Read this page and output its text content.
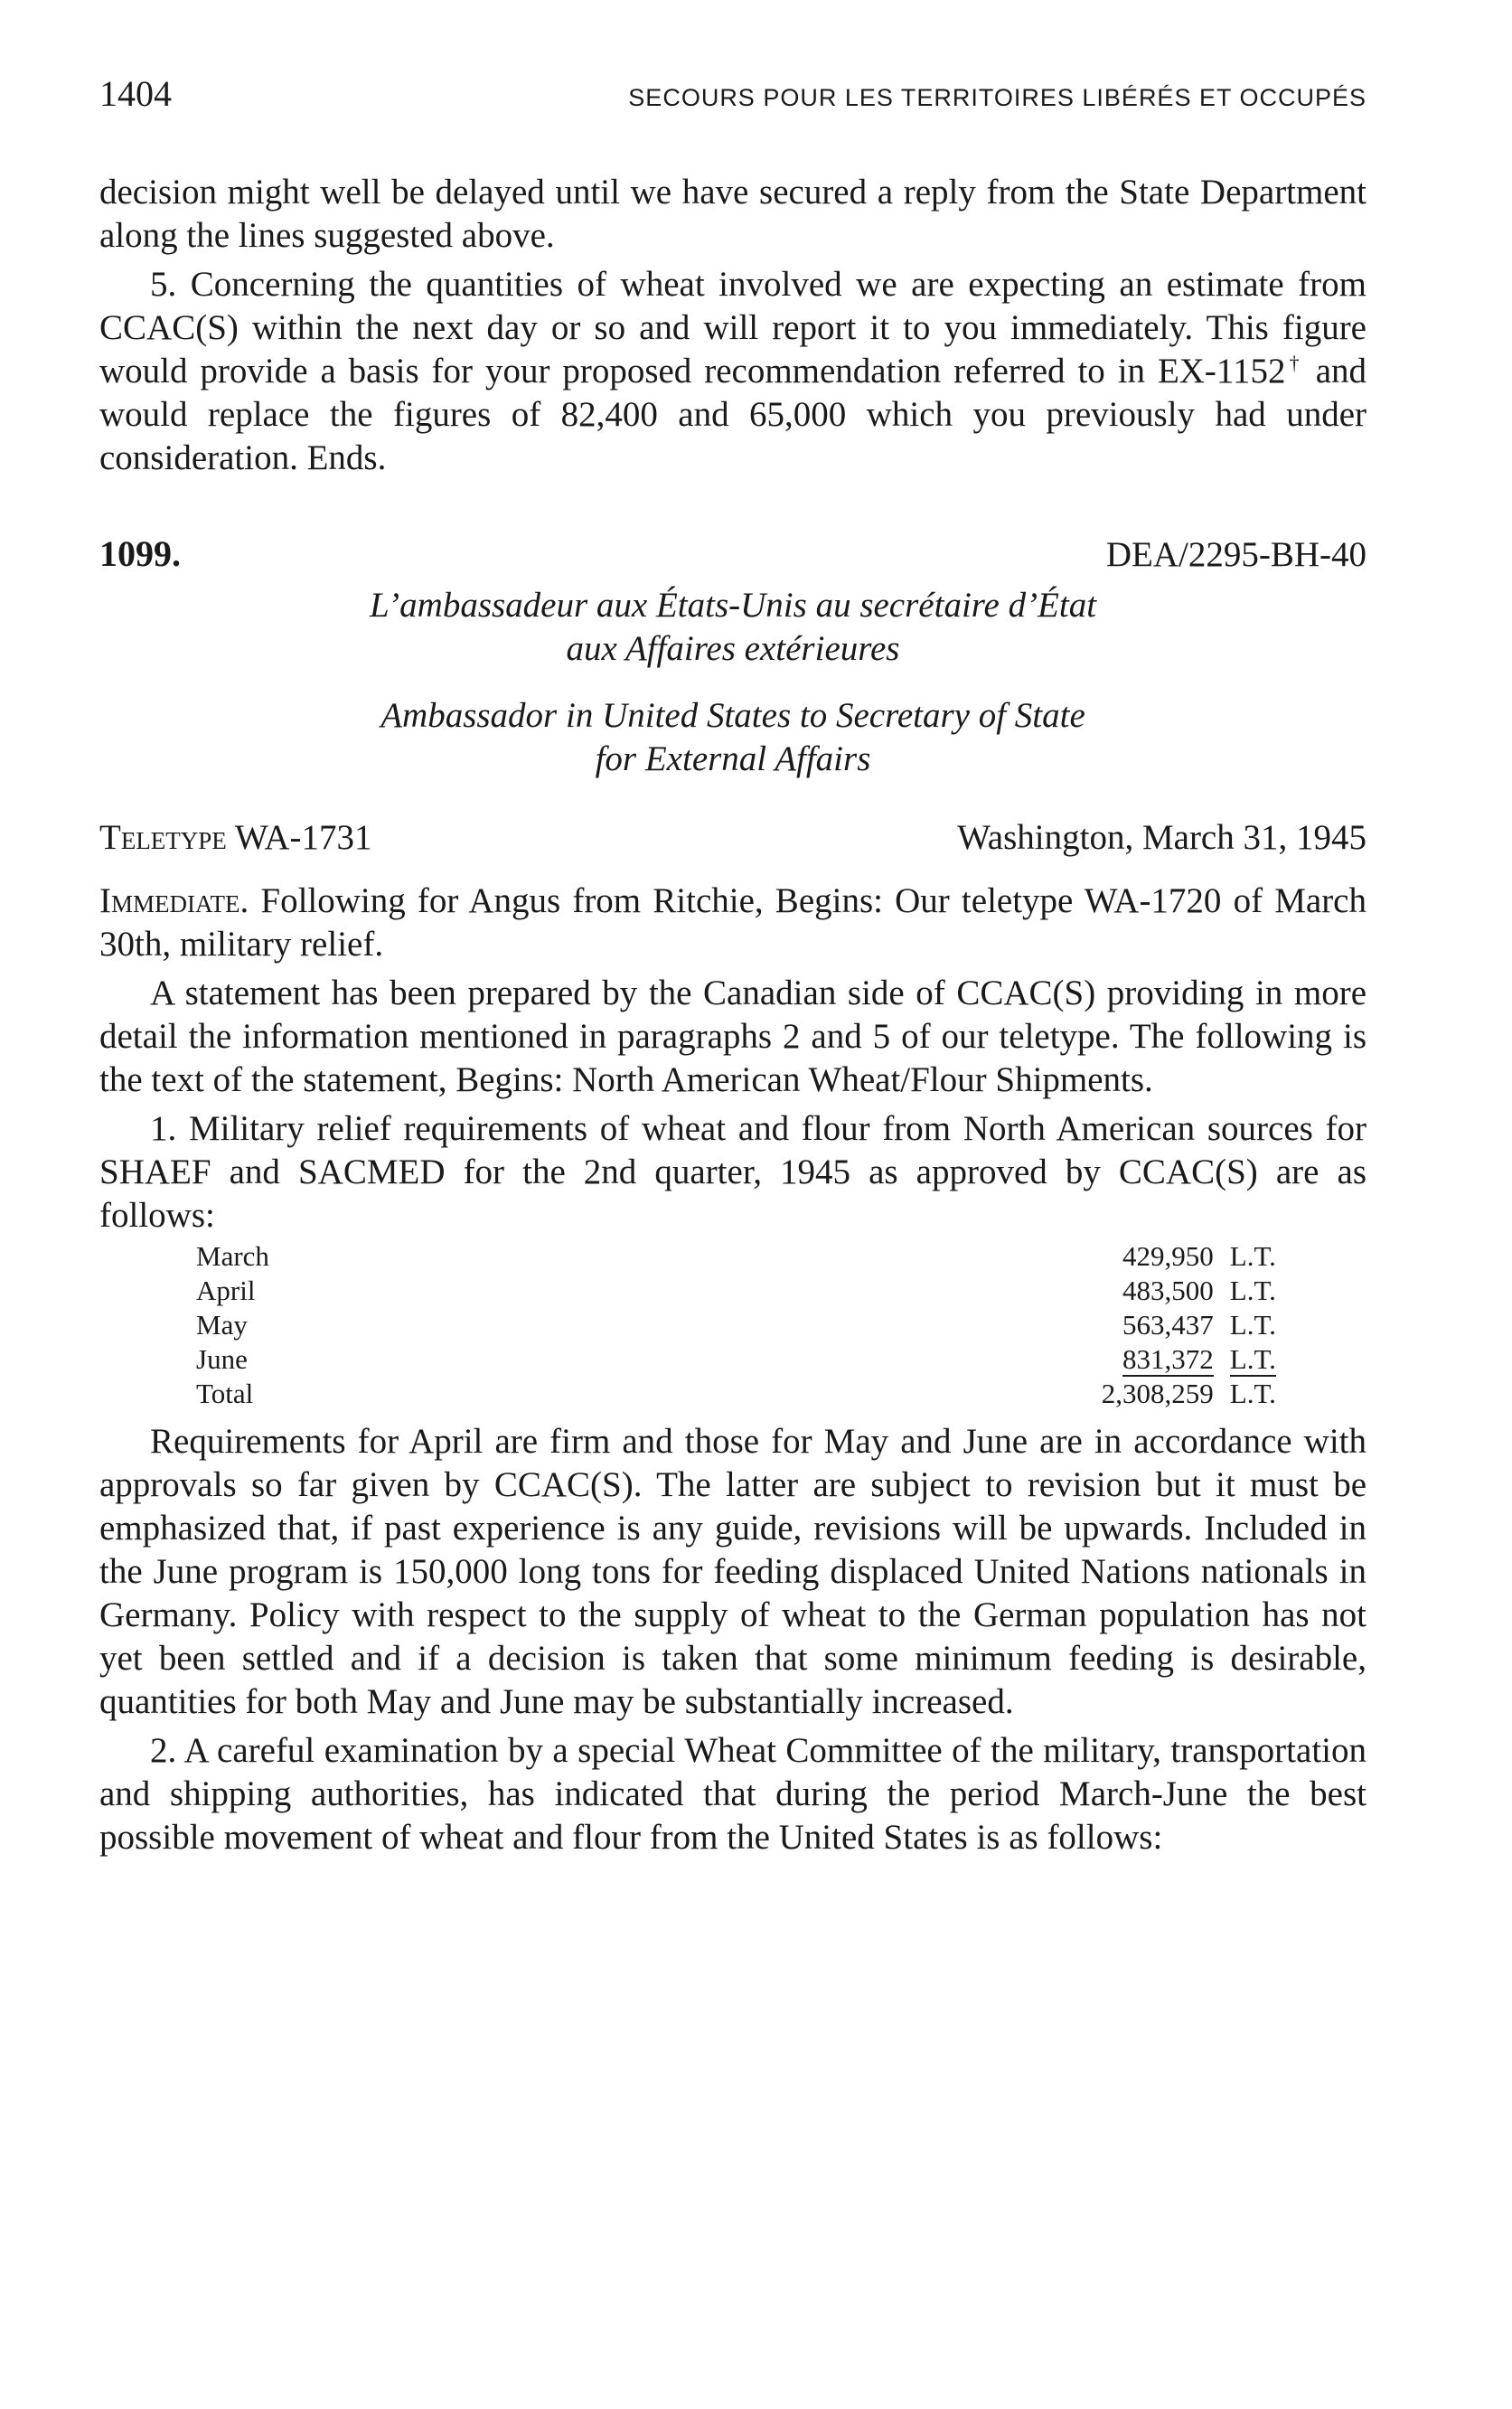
1404	SECOURS POUR LES TERRITOIRES LIBÉRÉS ET OCCUPÉS

decision might well be delayed until we have secured a reply from the State Department along the lines suggested above.

5. Concerning the quantities of wheat involved we are expecting an estimate from CCAC(S) within the next day or so and will report it to you immediately. This figure would provide a basis for your proposed recommendation referred to in EX-1152† and would replace the figures of 82,400 and 65,000 which you previously had under consideration. Ends.

1099.	DEA/2295-BH-40
L’ambassadeur aux États-Unis au secrétaire d’État
aux Affaires extérieures
Ambassador in United States to Secretary of State
for External Affairs
Teletype WA-1731	Washington, March 31, 1945

Immediate. Following for Angus from Ritchie, Begins: Our teletype WA-1720 of March 30th, military relief.

A statement has been prepared by the Canadian side of CCAC(S) providing in more detail the information mentioned in paragraphs 2 and 5 of our teletype. The following is the text of the statement, Begins: North American Wheat/Flour Shipments.

1. Military relief requirements of wheat and flour from North American sources for SHAEF and SACMED for the 2nd quarter, 1945 as approved by CCAC(S) are as follows:

March	429,950 L.T.
April	483,500 L.T.
May	563,437 L.T.
June	831,372 L.T.
Total	2,308,259 L.T.

Requirements for April are firm and those for May and June are in accordance with approvals so far given by CCAC(S). The latter are subject to revision but it must be emphasized that, if past experience is any guide, revisions will be upwards. Included in the June program is 150,000 long tons for feeding displaced United Nations nationals in Germany. Policy with respect to the supply of wheat to the German population has not yet been settled and if a decision is taken that some minimum feeding is desirable, quantities for both May and June may be substantially increased.

2. A careful examination by a special Wheat Committee of the military, transportation and shipping authorities, has indicated that during the period March-June the best possible movement of wheat and flour from the United States is as follows:
